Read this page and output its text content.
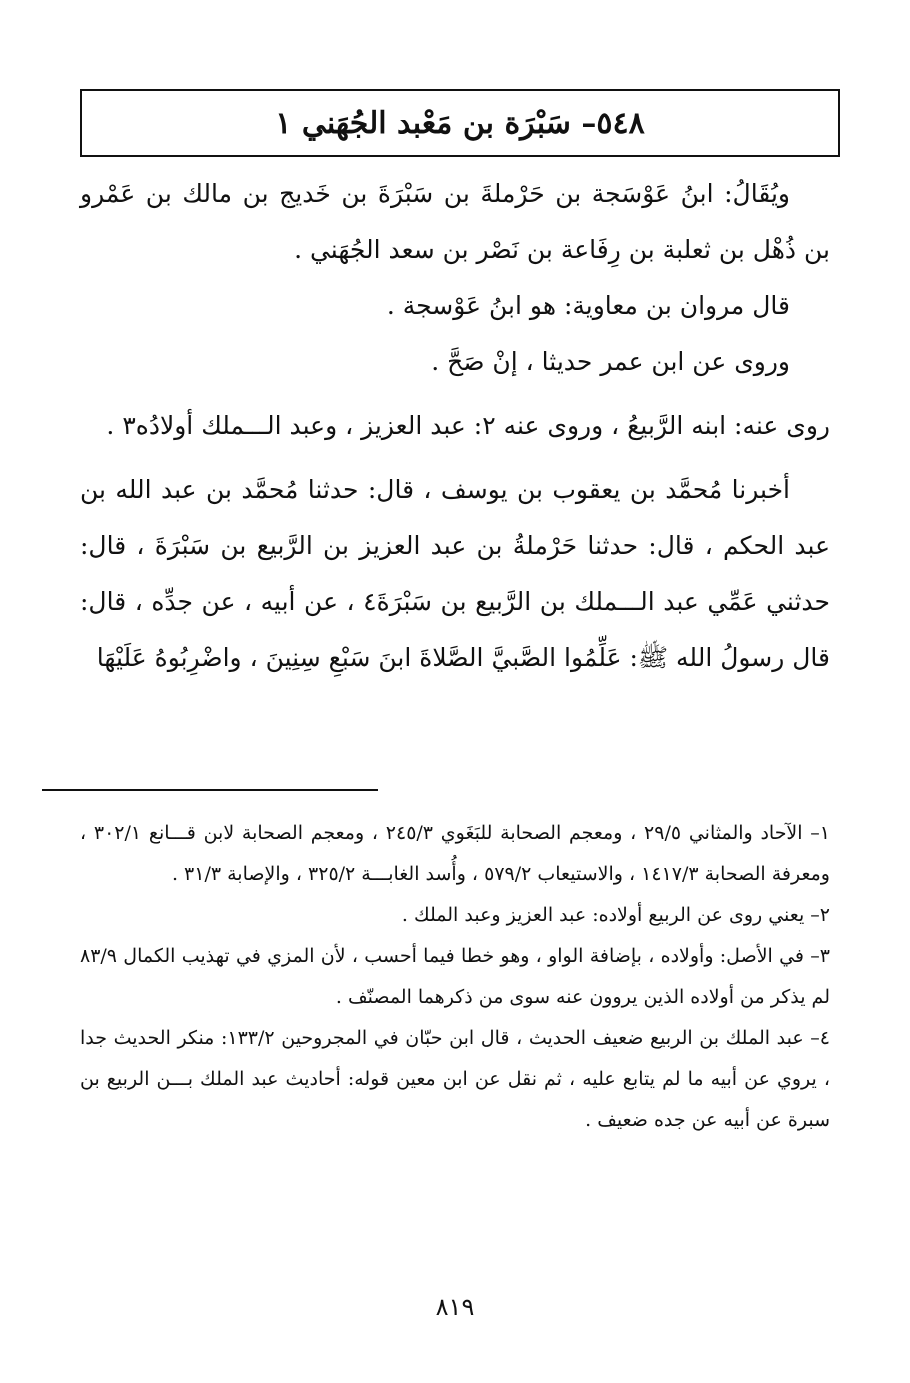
٥٤٨– سَبْرَة بن مَعْبد الجُهَني ١

ويُقَالُ: ابنُ عَوْسَجة بن حَرْملةَ بن سَبْرَةَ بن خَديج بن مالك بن عَمْرو بن ذُهْل بن ثعلبة بن رِفَاعة بن نَصْر بن سعد الجُهَني .

قال مروان بن معاوية: هو ابنُ عَوْسجة .

وروى عن ابن عمر حديثا ، إنْ صَحَّ .

روى عنه: ابنه الرَّبيعُ ، وروى عنه ٢: عبد العزيز ، وعبد الـــملك أولادُه٣ .

أخبرنا مُحمَّد بن يعقوب بن يوسف ، قال: حدثنا مُحمَّد بن عبد الله بن عبد الحكم ، قال: حدثنا حَرْملةُ بن عبد العزيز بن الرَّبيع بن سَبْرَةَ ، قال: حدثني عَمِّي عبد الـــملك بن الرَّبيع بن سَبْرَةَ٤ ، عن أبيه ، عن جدِّه ، قال: قال رسولُ الله ﷺ: عَلِّمُوا الصَّبيَّ الصَّلاةَ ابنَ سَبْعِ سِنِينَ ، واضْرِبُوهُ عَلَيْهَا

١– الآحاد والمثاني ٢٩/٥ ، ومعجم الصحابة للبَغَوي ٢٤٥/٣ ، ومعجم الصحابة لابن قـــانع ٣٠٢/١ ، ومعرفة الصحابة ١٤١٧/٣ ، والاستيعاب ٥٧٩/٢ ، وأُسد الغابـــة ٣٢٥/٢ ، والإصابة ٣١/٣ .

٢– يعني روى عن الربيع أولاده: عبد العزيز وعبد الملك .

٣– في الأصل: وأولاده ، بإضافة الواو ، وهو خطا فيما أحسب ، لأن المزي في تهذيب الكمال ٨٣/٩ لم يذكر من أولاده الذين يروون عنه سوى من ذكرهما المصنّف .

٤– عبد الملك بن الربيع ضعيف الحديث ، قال ابن حبّان في المجروحين ١٣٣/٢: منكر الحديث جدا ، يروي عن أبيه ما لم يتابع عليه ، ثم نقل عن ابن معين قوله: أحاديث عبد الملك بـــن الربيع بن سبرة عن أبيه عن جده ضعيف .

٨١٩
